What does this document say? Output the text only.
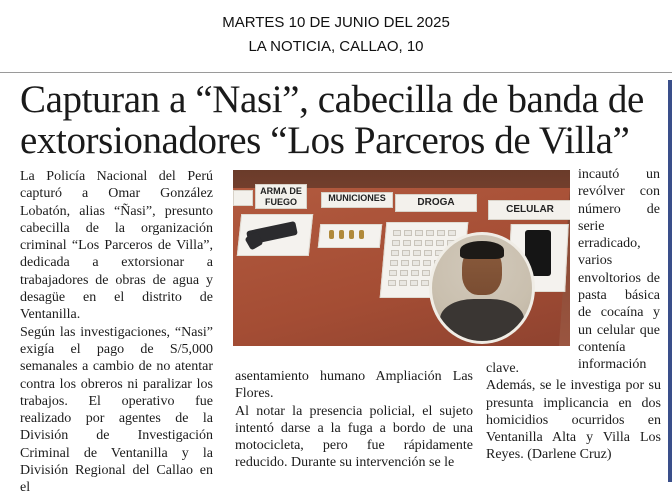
MARTES 10 DE JUNIO DEL 2025
LA NOTICIA, CALLAO, 10
Capturan a “Nasi”, cabecilla de banda de
extorsionadores “Los Parceros de Villa”

La Policía Nacional del Perú capturó a Omar González Lobatón, alias “Ñasi”, presunto cabecilla de la organización criminal “Los Parceros de Villa”, dedicada a extorsionar a trabajadores de obras de agua y desagüe en el distrito de Ventanilla.

Según las investigaciones, “Nasi” exigía el pago de S/5,000 semanales a cambio de no atentar contra los obreros ni paralizar los trabajos. El operativo fue realizado por agentes de la División de Investigación Criminal de Ventanilla y la División Regional del Callao en el

ARMA DE FUEGO	MUNICIONES	DROGA
CELULAR

asentamiento humano Ampliación Las Flores.

Al notar la presencia policial, el sujeto intentó darse a la fuga a bordo de una motocicleta, pero fue rápidamente reducido. Durante su intervención se le

incautó un revólver con número de serie erradicado, varios envoltorios de pasta básica de cocaína y un celular que contenía información

clave.

Además, se le investiga por su presunta implicancia en dos homicidios ocurridos en Ventanilla Alta y Villa Los Reyes. (Darlene Cruz)
